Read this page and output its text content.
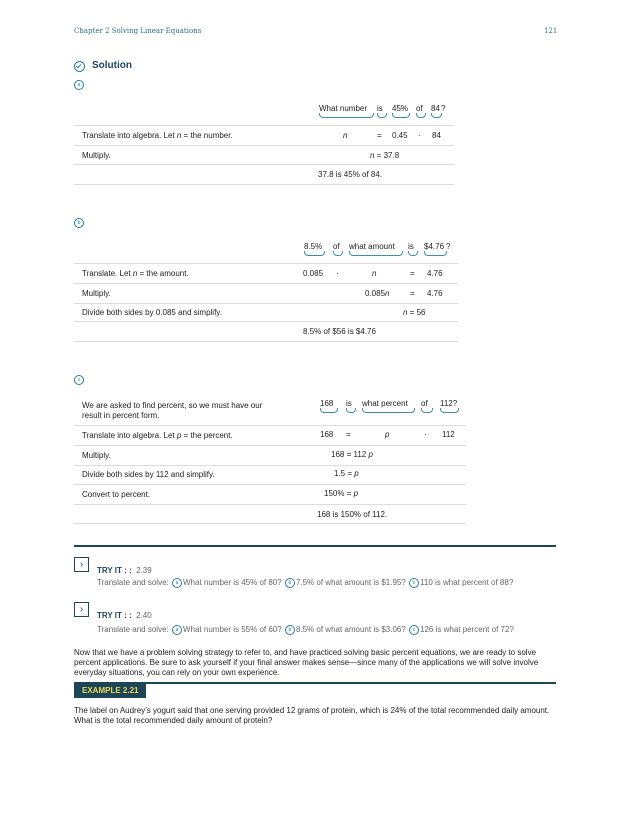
Chapter 2 Solving Linear Equations	121
Solution
a
What number is 45% of 84 ?
Translate into algebra. Let n = the number.	n	= 0.45 · 84
Multiply.	n = 37.8
37.8 is 45% of 84.
b
8.5% of what amount is $4.76 ?
Translate. Let n = the amount.	0.085 ·	n	= 4.76
Multiply.	0.085n	= 4.76
Divide both sides by 0.085 and simplify.	n = 56
8.5% of $56 is $4.76
c
We are asked to find percent, so we must have our result in percent form.
168 is what percent of 112?
Translate into algebra. Let p = the percent.	168 =	p	· 112
Multiply.	168 = 112 p
Divide both sides by 112 and simplify.	1.5 = p
Convert to percent.	150% = p
168 is 150% of 112.
›
TRY IT : : 2.39
Translate and solve: a What number is 45% of 80? b 7.5% of what amount is $1.95? c 110 is what percent of 88?
›
TRY IT : : 2.40
Translate and solve: a What number is 55% of 60? b 8.5% of what amount is $3.06? c 126 is what percent of 72?
Now that we have a problem solving strategy to refer to, and have practiced solving basic percent equations, we are ready to solve percent applications. Be sure to ask yourself if your final answer makes sense—since many of the applications we will solve involve everyday situations, you can rely on your own experience.
EXAMPLE 2.21
The label on Audrey’s yogurt said that one serving provided 12 grams of protein, which is 24% of the total recommended daily amount. What is the total recommended daily amount of protein?
